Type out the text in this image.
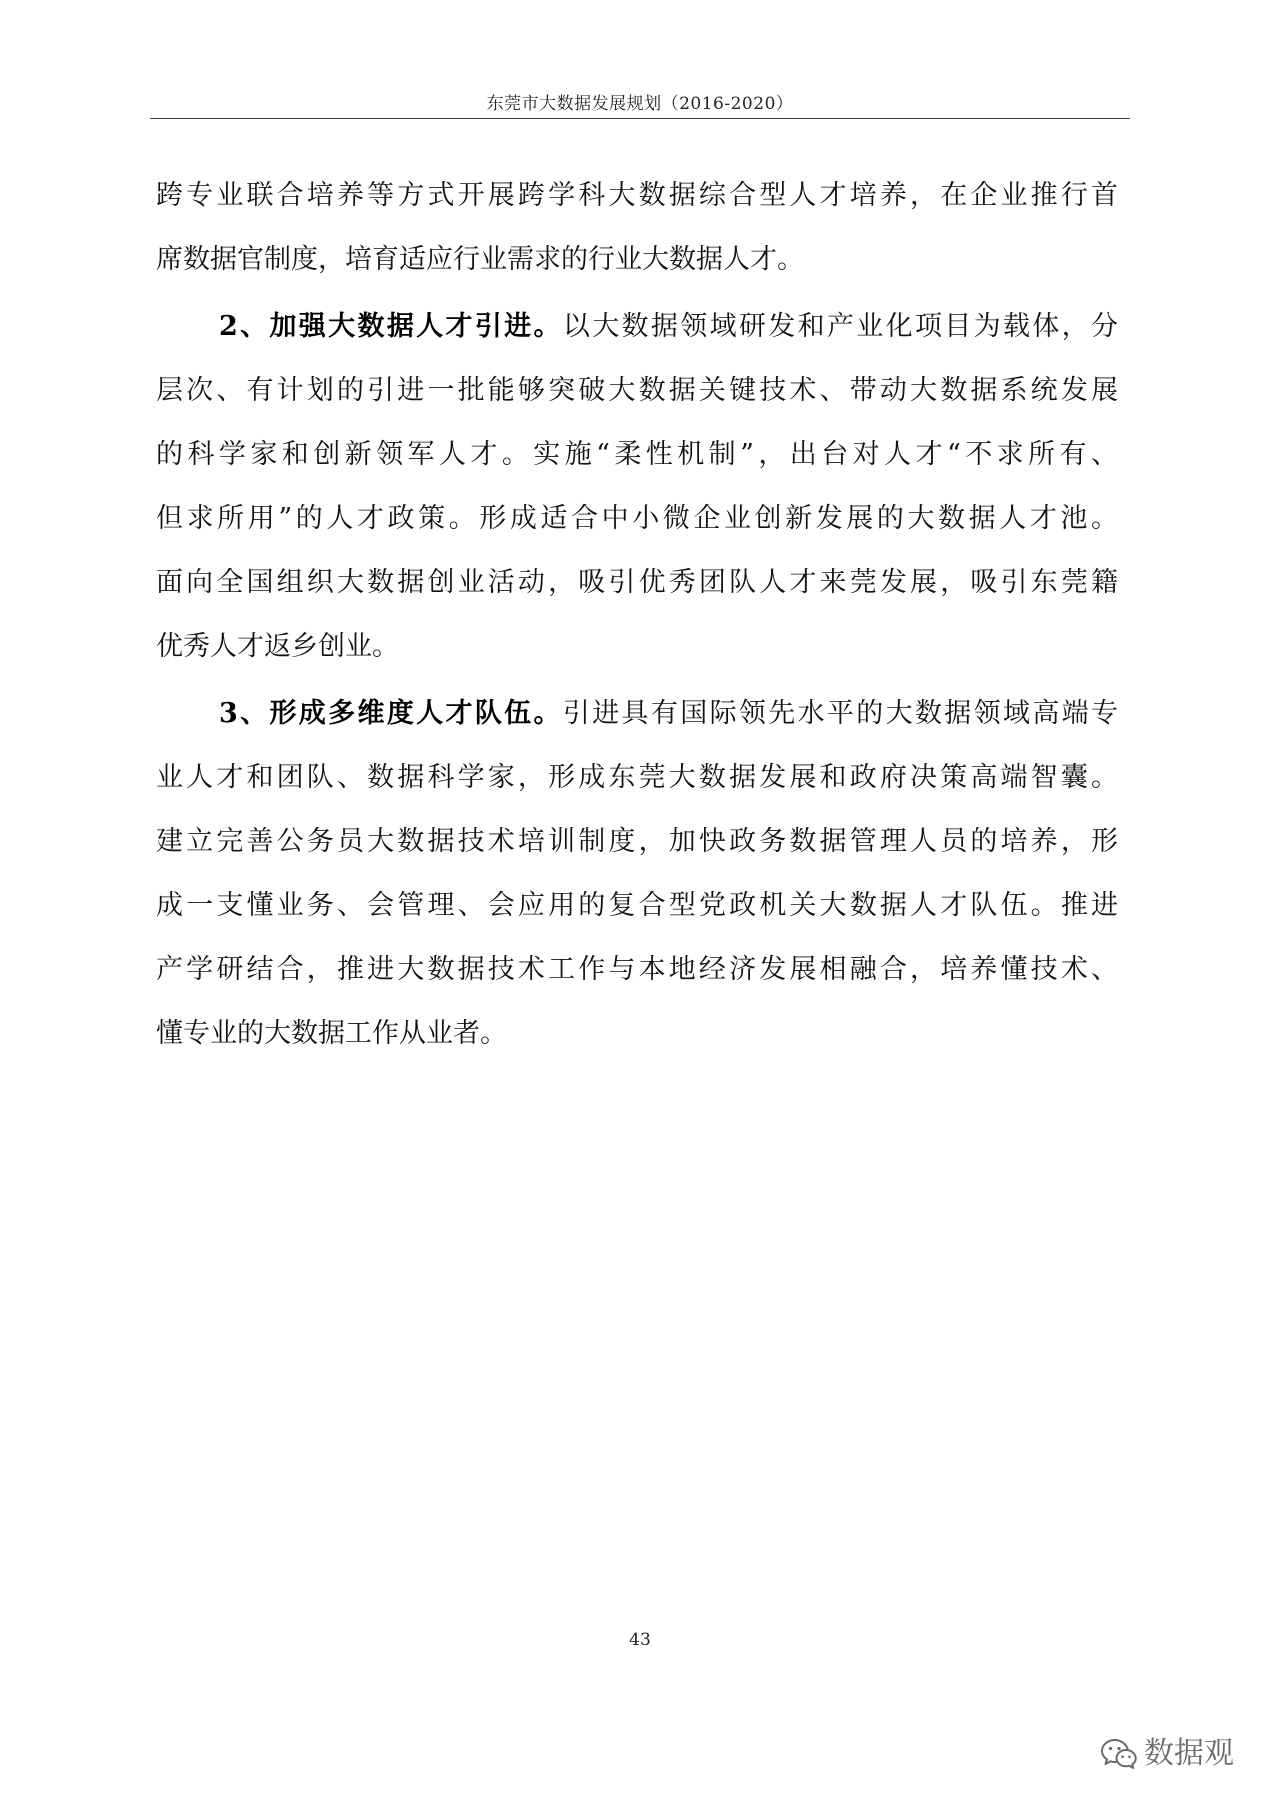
东莞市大数据发展规划（2016-2020）
跨专业联合培养等方式开展跨学科大数据综合型人才培养，在企业推行首
席数据官制度，培育适应行业需求的行业大数据人才。
2、加强大数据人才引进。以大数据领域研发和产业化项目为载体，分
层次、有计划的引进一批能够突破大数据关键技术、带动大数据系统发展
的科学家和创新领军人才。实施“柔性机制”，出台对人才“不求所有、
但求所用”的人才政策。形成适合中小微企业创新发展的大数据人才池。
面向全国组织大数据创业活动，吸引优秀团队人才来莞发展，吸引东莞籍
优秀人才返乡创业。
3、形成多维度人才队伍。引进具有国际领先水平的大数据领域高端专
业人才和团队、数据科学家，形成东莞大数据发展和政府决策高端智囊。
建立完善公务员大数据技术培训制度，加快政务数据管理人员的培养，形
成一支懂业务、会管理、会应用的复合型党政机关大数据人才队伍。推进
产学研结合，推进大数据技术工作与本地经济发展相融合，培养懂技术、
懂专业的大数据工作从业者。
43
数据观
